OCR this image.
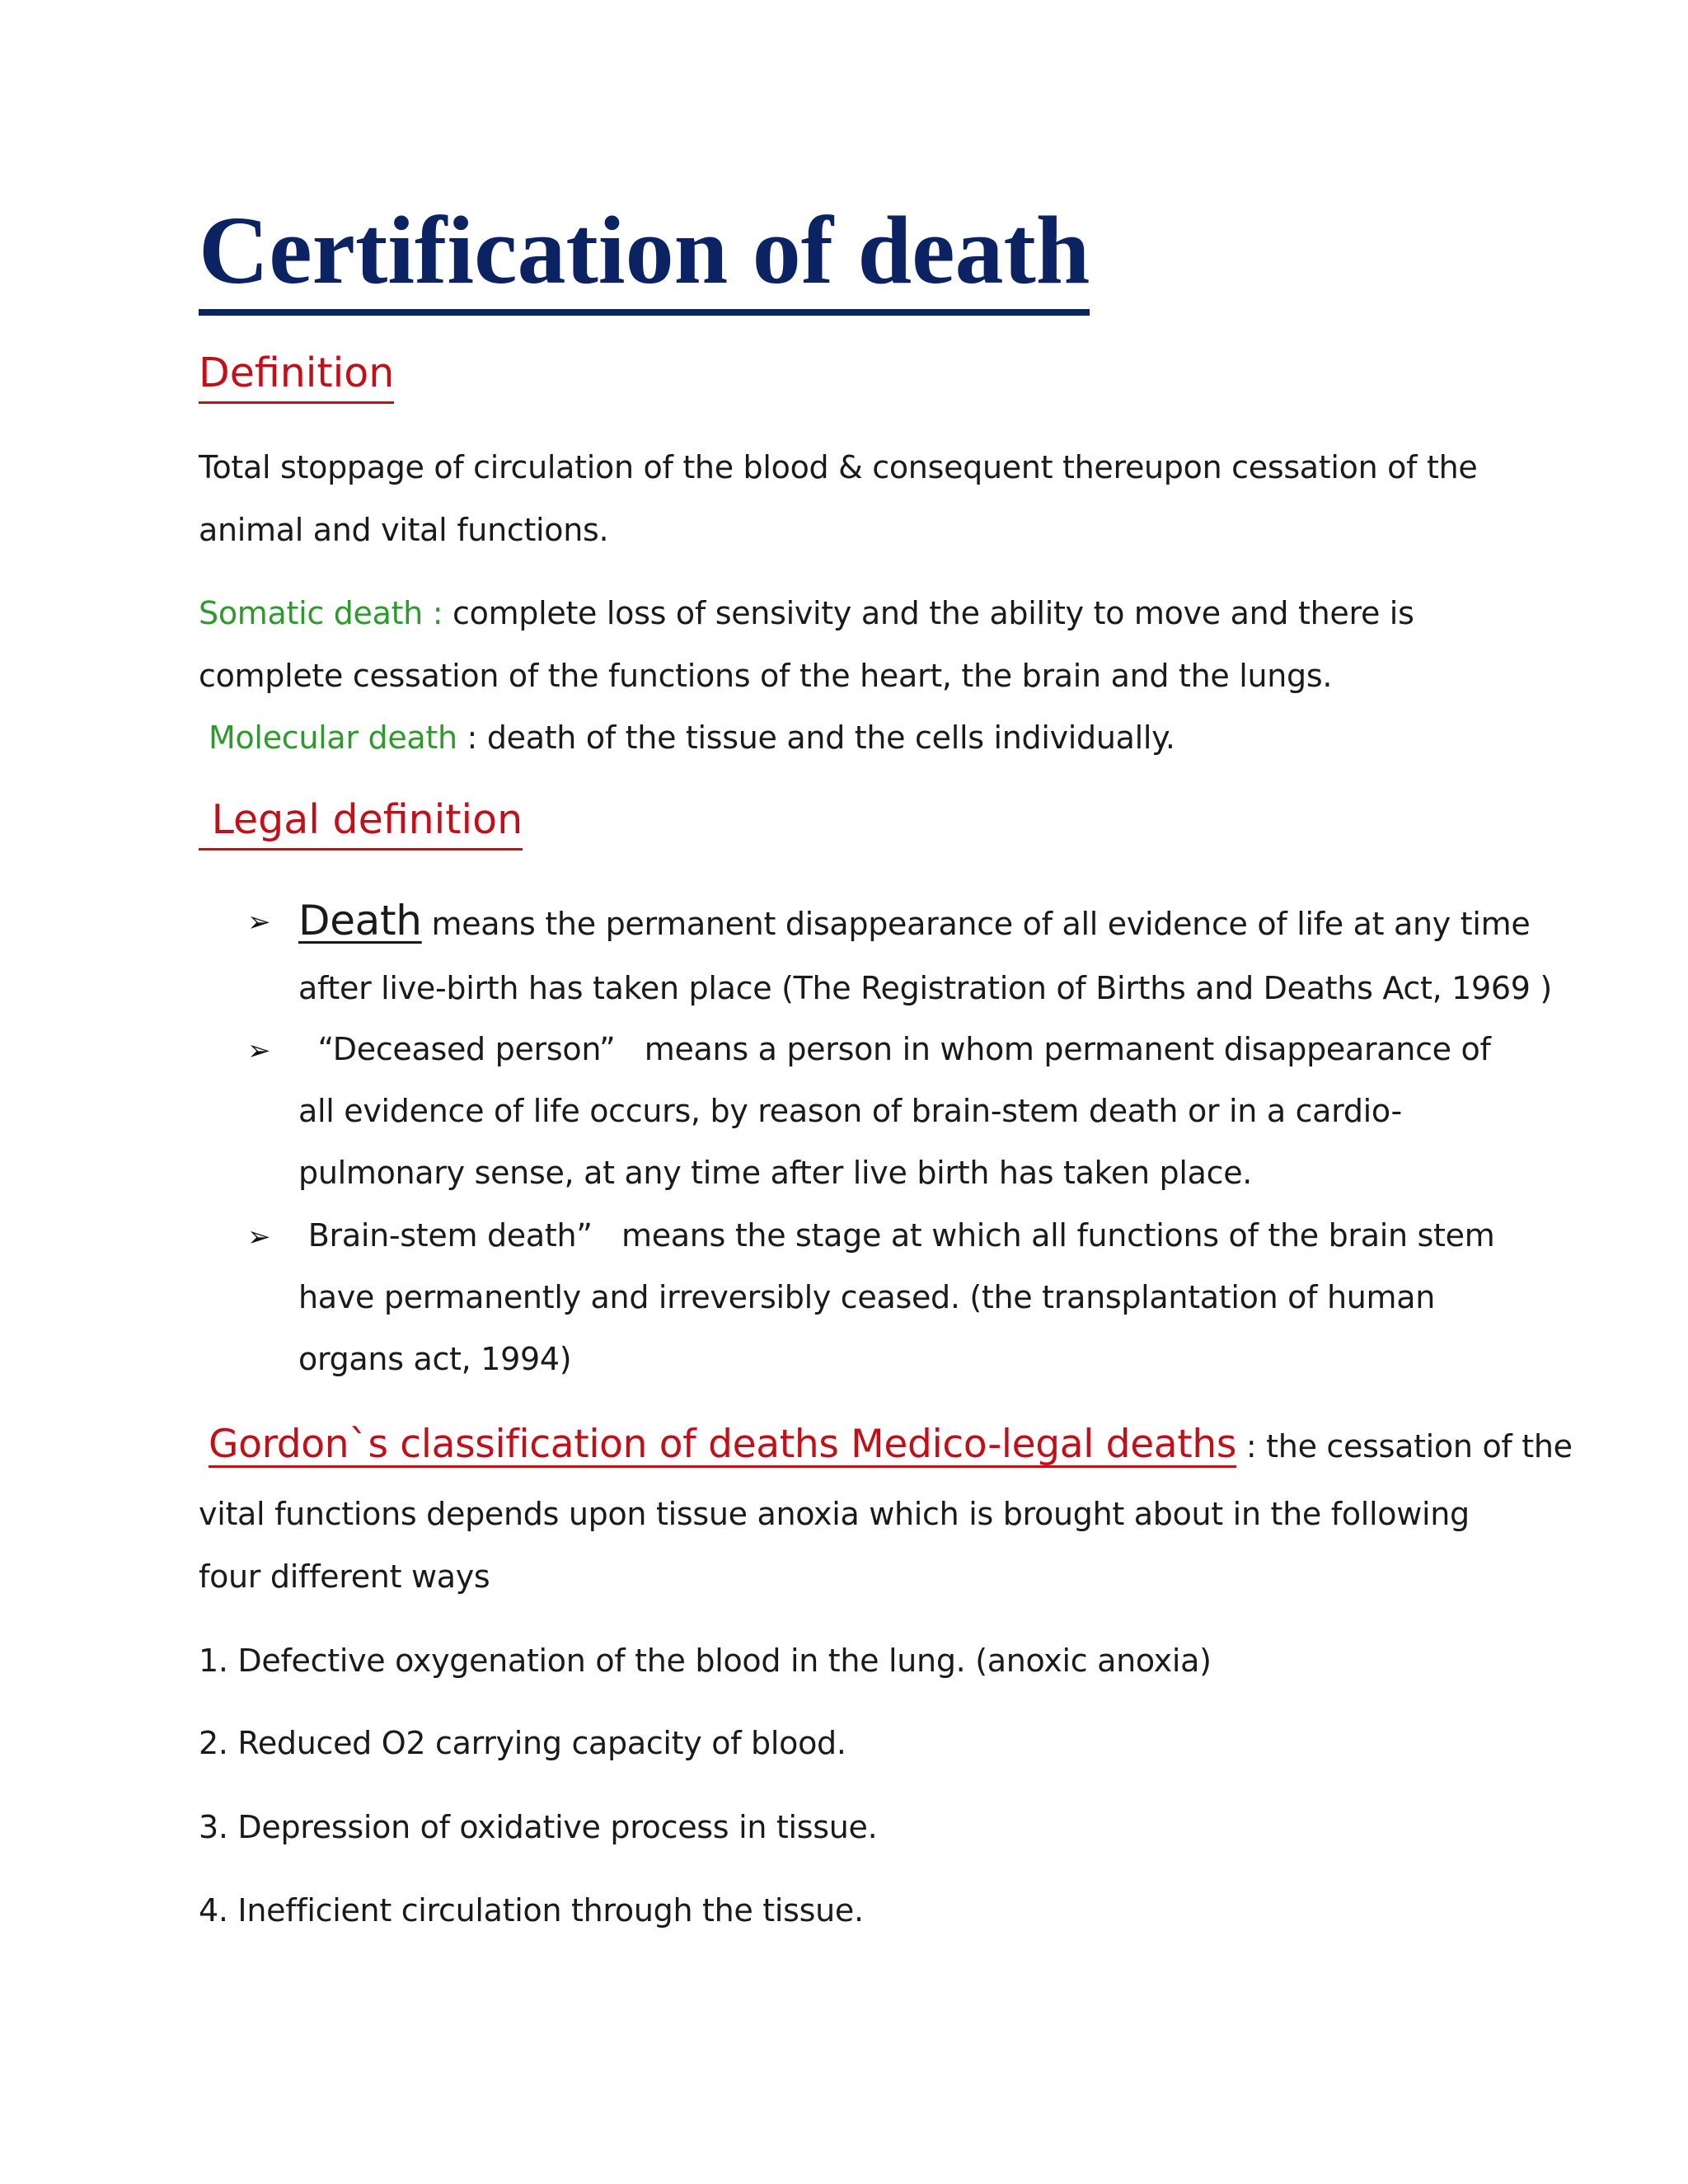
Certification of death
Definition

Total stoppage of circulation of the blood & consequent thereupon cessation of the

animal and vital functions.

Somatic death : complete loss of sensivity and the ability to move and there is

complete cessation of the functions of the heart, the brain and the lungs.

Molecular death : death of the tissue and the cells individually.

Legal definition
➢ Death means the permanent disappearance of all evidence of life at any time

after live-birth has taken place (The Registration of Births and Deaths Act, 1969 )

➢ “Deceased person”   means a person in whom permanent disappearance of

all evidence of life occurs, by reason of brain-stem death or in a cardio-

pulmonary sense, at any time after live birth has taken place.

➢ Brain-stem death”   means the stage at which all functions of the brain stem

have permanently and irreversibly ceased. (the transplantation of human

organs act, 1994)

Gordon`s classification of deaths Medico-legal deaths : the cessation of the

vital functions depends upon tissue anoxia which is brought about in the following

four different ways

1. Defective oxygenation of the blood in the lung. (anoxic anoxia)

2. Reduced O2 carrying capacity of blood.

3. Depression of oxidative process in tissue.

4. Inefficient circulation through the tissue.
